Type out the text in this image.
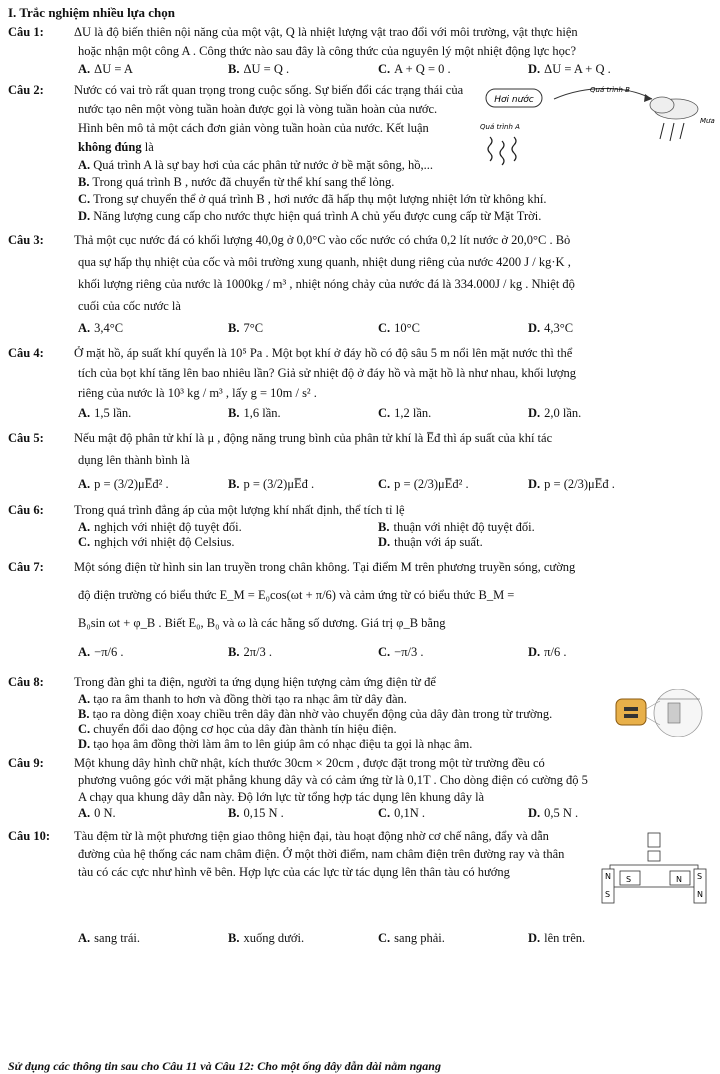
I. Trắc nghiệm nhiều lựa chọn
Câu 1: ΔU là độ biến thiên nội năng của một vật, Q là nhiệt lượng vật trao đổi với môi trường, vật thực hiện
hoặc nhận một công A . Công thức nào sau đây là công thức của nguyên lý một nhiệt động lực học?
A. ΔU = A	B. ΔU = Q .	C. A + Q = 0 .	D. ΔU = A + Q .
Câu 2: Nước có vai trò rất quan trọng trong cuộc sống. Sự biến đổi các trạng thái của nước tạo nên một vòng tuần hoàn được gọi là vòng tuần hoàn của nước. Hình bên mô tả một cách đơn giản vòng tuần hoàn của nước. Kết luận không đúng là
A. Quá trình A là sự bay hơi của các phân tử nước ở bề mặt sông, hồ,...
B. Trong quá trình B , nước đã chuyển từ thể khí sang thể lỏng.
C. Trong sự chuyển thể ở quá trình B , hơi nước đã hấp thụ một lượng nhiệt lớn từ không khí.
D. Năng lượng cung cấp cho nước thực hiện quá trình A chủ yếu được cung cấp từ Mặt Trời.
Hơi nước
Quá trình B
Mưa
Quá trình A
Câu 3: Thả một cục nước đá có khối lượng 40,0g ở 0,0°C vào cốc nước có chứa 0,2 lít nước ở 20,0°C . Bỏ
qua sự hấp thụ nhiệt của cốc và môi trường xung quanh, nhiệt dung riêng của nước 4200 J / kg·K ,
khối lượng riêng của nước là 1000kg / m³ , nhiệt nóng chảy của nước đá là 334.000J / kg . Nhiệt độ
cuối của cốc nước là
A. 3,4°C	B. 7°C	C. 10°C	D. 4,3°C
Câu 4: Ở mặt hồ, áp suất khí quyển là 10⁵ Pa . Một bọt khí ở đáy hồ có độ sâu 5 m nổi lên mặt nước thì thể
tích của bọt khí tăng lên bao nhiêu lần? Giả sử nhiệt độ ở đáy hồ và mặt hồ là như nhau, khối lượng
riêng của nước là 10³ kg / m³ , lấy g = 10m / s² .
A. 1,5 lần.	B. 1,6 lần.	C. 1,2 lần.	D. 2,0 lần.
Câu 5: Nếu mật độ phân tử khí là μ , động năng trung bình của phân tử khí là E̅đ thì áp suất của khí tác
dụng lên thành bình là
A. p = (3/2)μE̅đ² .	B. p = (3/2)μE̅đ .	C. p = (2/3)μE̅đ² .	D. p = (2/3)μE̅đ .
Câu 6: Trong quá trình đẳng áp của một lượng khí nhất định, thể tích tỉ lệ
A. nghịch với nhiệt độ tuyệt đối.	B. thuận với nhiệt độ tuyệt đối.
C. nghịch với nhiệt độ Celsius.	D. thuận với áp suất.
Câu 7: Một sóng điện từ hình sin lan truyền trong chân không. Tại điểm M trên phương truyền sóng, cường
độ điện trường có biểu thức E_M = E₀cos(ωt + π/6) và cảm ứng từ có biểu thức B_M =
B₀sin ωt + φ_B . Biết E₀, B₀ và ω là các hằng số dương. Giá trị φ_B bằng
A. −π/6 .	B. 2π/3 .	C. −π/3 .	D. π/6 .
Câu 8: Trong đàn ghi ta điện, người ta ứng dụng hiện tượng cảm ứng điện từ để
A. tạo ra âm thanh to hơn và đồng thời tạo ra nhạc âm từ dây đàn.
B. tạo ra dòng điện xoay chiều trên dây đàn nhờ vào chuyển động của dây đàn trong từ trường.
C. chuyển đổi dao động cơ học của dây đàn thành tín hiệu điện.
D. tạo họa âm đồng thời làm âm to lên giúp âm có nhạc điệu ta gọi là nhạc âm.
Câu 9: Một khung dây hình chữ nhật, kích thước 30cm × 20cm , được đặt trong một từ trường đều có
phương vuông góc với mặt phẳng khung dây và có cảm ứng từ là 0,1T . Cho dòng điện có cường độ 5
A chạy qua khung dây dẫn này. Độ lớn lực từ tổng hợp tác dụng lên khung dây là
A. 0 N.	B. 0,15 N .	C. 0,1N .	D. 0,5 N .
Câu 10: Tàu đệm từ là một phương tiện giao thông hiện đại, tàu hoạt động nhờ cơ chế nâng, đẩy và dẫn đường của hệ thống các nam châm điện. Ở một thời điểm, nam châm điện trên đường ray và thân tàu có các cực như hình vẽ bên. Hợp lực của các lực từ tác dụng lên thân tàu có hướng	N S	N S
S	N
A. sang trái.	B. xuống dưới.	C. sang phải.	D. lên trên.
Sử dụng các thông tin sau cho Câu 11 và Câu 12: Cho một ống dây dẫn dài nằm ngang
